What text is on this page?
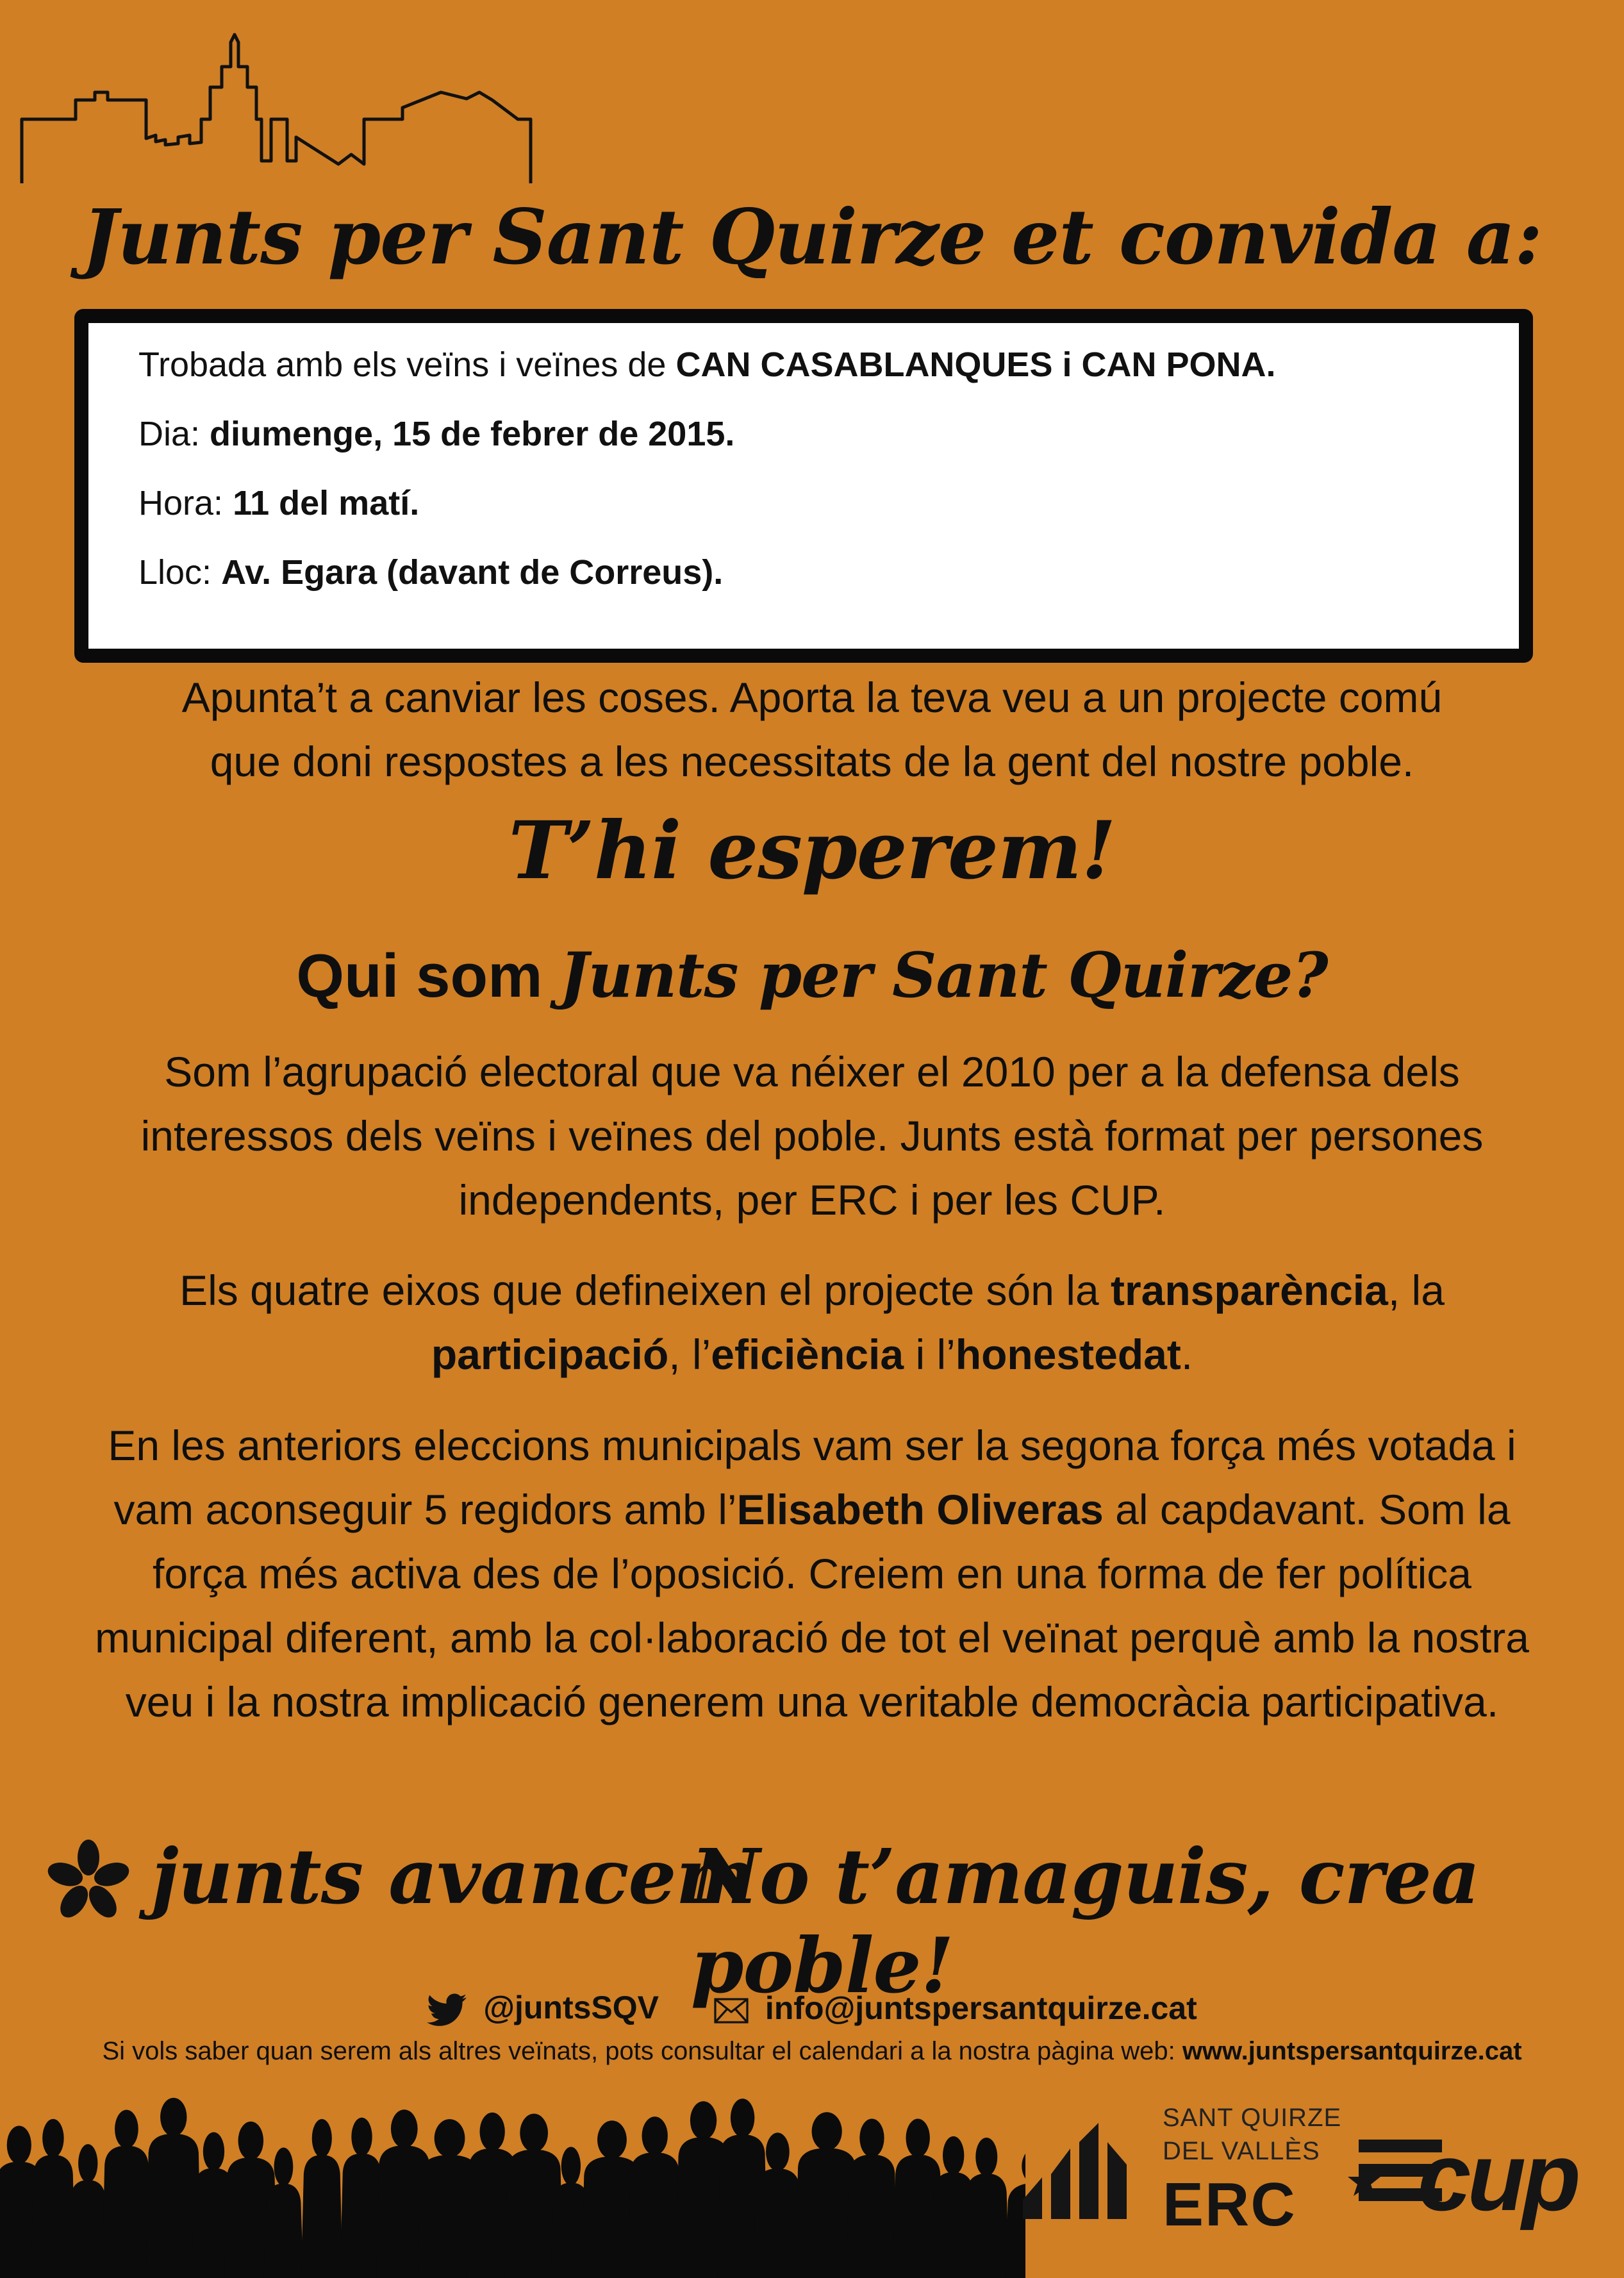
Junts per Sant Quirze et convida a:
Trobada amb els veïns i veïnes de CAN CASABLANQUES i CAN PONA.
Dia: diumenge, 15 de febrer de 2015.
Hora: 11 del matí.
Lloc: Av. Egara (davant de Correus).
Apunta’t a canviar les coses. Aporta la teva veu a un projecte comú
que doni respostes a les necessitats de la gent del nostre poble.
T’hi esperem!
Qui som Junts per Sant Quirze?
Som l’agrupació electoral que va néixer el 2010 per a la defensa dels interessos dels veïns i veïnes del poble. Junts està format per persones independents, per ERC i per les CUP.
Els quatre eixos que defineixen el projecte són la transparència, la
participació, l’eficiència i l’honestedat.
En les anteriors eleccions municipals vam ser la segona força més votada i vam aconseguir 5 regidors amb l’Elisabeth Oliveras al capdavant. Som la força més activa des de l’oposició. Creiem en una forma de fer política municipal diferent, amb la col·laboració de tot el veïnat perquè amb la nostra veu i la nostra implicació generem una veritable democràcia participativa.
junts avancem
No t’amaguis, crea poble!
@juntsSQV	info@juntspersantquirze.cat
Si vols saber quan serem als altres veïnats, pots consultar el calendari a la nostra pàgina web: www.juntspersantquirze.cat
SANT QUIRZE
DEL VALLÈS
ERC cup
